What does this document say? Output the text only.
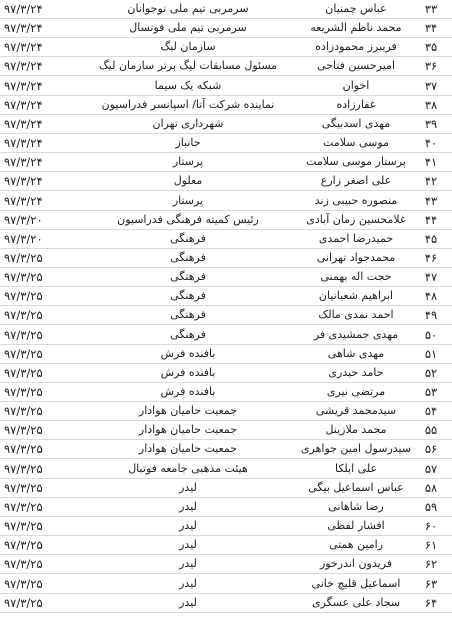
۹۷/۳/۲۴	سرمربی تیم ملی نوجوانان	عباس چمنیان	۳۳
۹۷/۳/۲۴	سرمربی تیم ملی فوتسال	محمد ناظم الشریعه	۳۴
۹۷/۳/۲۴	سازمان لیگ	فریبرز محمودزاده	۳۵
۹۷/۳/۲۴	مسئول مسابقات لیگ برتر سازمان لیگ	امیرحسین فتاحی	۳۶
۹۷/۳/۲۴	شبکه یک سیما	اخوان	۳۷
۹۷/۳/۲۴	نماینده شرکت آتا/ اسپانسر فدراسیون	غفارزاده	۳۸
۹۷/۳/۲۴	شهرداری تهران	مهدی اسدبیگی	۳۹
۹۷/۳/۲۴	جانباز	موسی سلامت	۴۰
۹۷/۳/۲۴	پرستار	پرستار موسی سلامت	۴۱
۹۷/۳/۲۴	معلول	علی اصغر زارع	۴۲
۹۷/۳/۲۴	پرستار	منصوره حبیبی زند	۴۳
۹۷/۳/۲۰	رئیس کمیته فرهنگی فدراسیون	غلامحسین زمان آبادی	۴۴
۹۷/۳/۲۰	فرهنگی	حمیدرضا احمدی	۴۵
۹۷/۳/۲۵	فرهنگی	محمدجواد تهرانی	۴۶
۹۷/۳/۲۵	فرهنگی	حجت اله بهمنی	۴۷
۹۷/۳/۲۵	فرهنگی	ابراهیم شعبانیان	۴۸
۹۷/۳/۲۵	فرهنگی	احمد نمدی مالک	۴۹
۹۷/۳/۲۵	فرهنگی	مهدی جمشیدی فر	۵۰
۹۷/۳/۲۵	بافنده فرش	مهدی شاهی	۵۱
۹۷/۳/۲۵	بافنده فرش	حامد حیدری	۵۲
۹۷/۳/۲۵	بافنده فرش	مرتضی نیری	۵۳
۹۷/۳/۲۵	جمعیت حامیان هوادار	سیدمحمد قریشی	۵۴
۹۷/۳/۲۵	جمعیت حامیان هوادار	محمد ملازینل	۵۵
۹۷/۳/۲۵	جمعیت حامیان هوادار	سیدرسول امین جواهری	۵۶
۹۷/۳/۲۵	هیئت مذهبی جامعه فوتبال	علی ایلکا	۵۷
۹۷/۳/۲۵	لیدر	عباس اسماعیل بیگی	۵۸
۹۷/۳/۲۵	لیدر	رضا شاهانی	۵۹
۹۷/۳/۲۵	لیدر	افشار لفظی	۶۰
۹۷/۳/۲۵	لیدر	رامین همتی	۶۱
۹۷/۳/۲۵	لیدر	فریدون اندرخور	۶۲
۹۷/۳/۲۵	لیدر	اسماعیل قلیچ خانی	۶۳
۹۷/۳/۲۵	لیدر	سجاد علی عسگری	۶۴
